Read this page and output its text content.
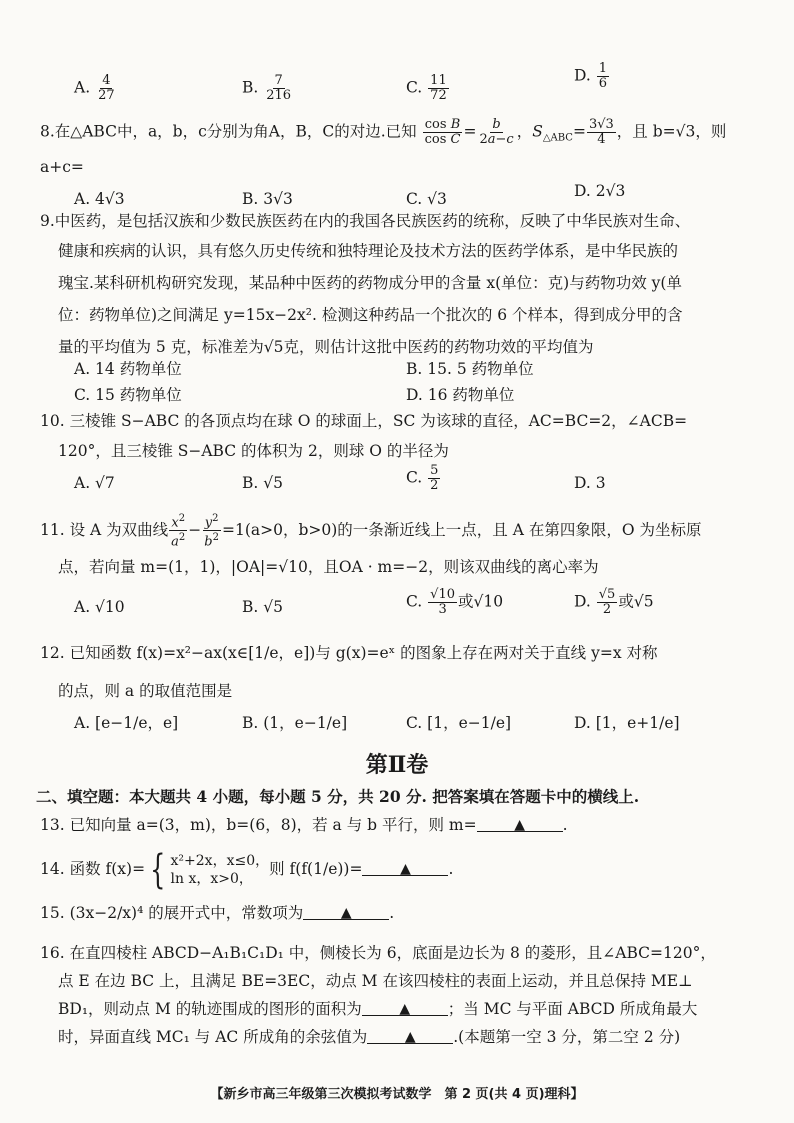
A. $\frac{4}{27}$	B. $\frac{7}{216}$	C. $\frac{11}{72}$	D. $\frac{1}{6}$
8.在△ABC中，a，b，c分别为角A，B，C的对边.已知 $\frac{\text{cos B}}{\text{cos C}} = \frac{b}{2a-c}$ ，$S_{\triangle ABC}= \frac{3√3}{4}$ ，且 b=√3，则
a+c=
A. 4√3	B. 3√3	C. √3	D. 2√3
9.中医药，是包括汉族和少数民族医药在内的我国各民族医药的统称，反映了中华民族对生命、
健康和疾病的认识，具有悠久历史传统和独特理论及技术方法的医药学体系，是中华民族的
瑰宝.某科研机构研究发现，某品种中医药的药物成分甲的含量 x(单位：克)与药物功效 y(单
位：药物单位)之间满足 y=15x−2x². 检测这种药品一个批次的 6 个样本，得到成分甲的含
量的平均值为 5 克，标准差为√5克，则估计这批中医药的药物功效的平均值为
A. 14 药物单位	B. 15. 5 药物单位
C. 15 药物单位	D. 16 药物单位
10. 三棱锥 S−ABC 的各顶点均在球 O 的球面上，SC 为该球的直径，AC=BC=2，∠ACB=
120°，且三棱锥 S−ABC 的体积为 2，则球 O 的半径为
A. √7	B. √5	C. $\frac{5}{2}$	D. 3
11. 设 A 为双曲线 $\frac{x^2}{a^2} - \frac{y^2}{b^2} =1(a>0$，b>0)的一条渐近线上一点，且 A 在第四象限，O 为坐标原
点，若向量 m=(1，1)，|OA|=√10，且OA · m=−2，则该双曲线的离心率为
A. √10	B. √5	C. $\frac{√10}{3}$ 或√10	D. $\frac{√5}{2}$ 或√5
12. 已知函数 f(x)=x²−ax(x∈[1/e，e])与 g(x)=eˣ 的图象上存在两对关于直线 y=x 对称
的点，则 a 的取值范围是
A. [e−1/e，e]	B. (1，e−1/e]	C. [1，e−1/e]	D. [1，e+1/e]
第Ⅱ卷
二、填空题：本大题共 4 小题，每小题 5 分，共 20 分. 把答案填在答题卡中的横线上.
13. 已知向量 a=(3，m)，b=(6，8)，若 a 与 b 平行，则 m=	▲ .
14. 函数 f(x)= { x²+2x，x≤0，
ln x，x>0，
则 f(f(1/e))=	▲ .
15. (3x−2/x)⁴ 的展开式中，常数项为	▲ .
16. 在直四棱柱 ABCD−A₁B₁C₁D₁ 中，侧棱长为 6，底面是边长为 8 的菱形，且∠ABC=120°，
点 E 在边 BC 上，且满足 BE=3EC，动点 M 在该四棱柱的表面上运动，并且总保持 ME⊥
BD₁，则动点 M 的轨迹围成的图形的面积为	▲ ；当 MC 与平面 ABCD 所成角最大
时，异面直线 MC₁ 与 AC 所成角的余弦值为	▲ .(本题第一空 3 分，第二空 2 分)
【新乡市高三年级第三次模拟考试数学　第 2 页(共 4 页)理科】
